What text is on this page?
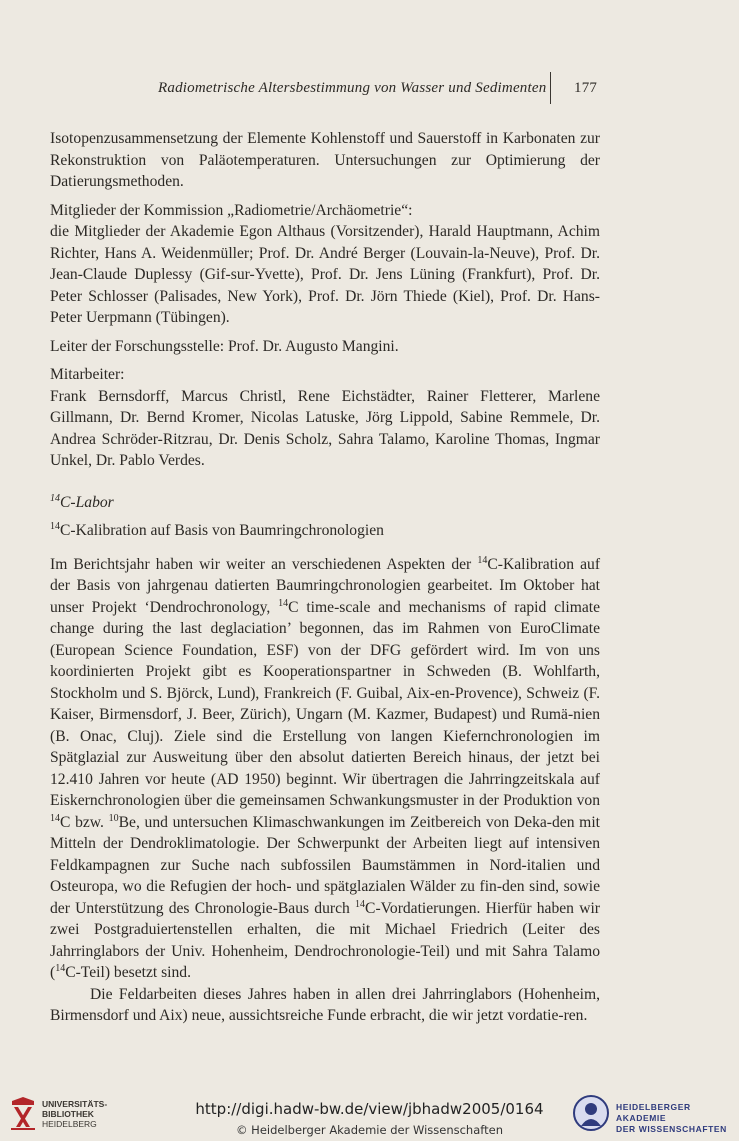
Radiometrische Altersbestimmung von Wasser und Sedimenten 177

Isotopenzusammensetzung der Elemente Kohlenstoff und Sauerstoff in Karbonaten zur Rekonstruktion von Paläotemperaturen. Untersuchungen zur Optimierung der Datierungsmethoden.

Mitglieder der Kommission „Radiometrie/Archäometrie“:

die Mitglieder der Akademie Egon Althaus (Vorsitzender), Harald Hauptmann, Achim Richter, Hans A. Weidenmüller; Prof. Dr. André Berger (Louvain-la-Neuve), Prof. Dr. Jean-Claude Duplessy (Gif-sur-Yvette), Prof. Dr. Jens Lüning (Frankfurt), Prof. Dr. Peter Schlosser (Palisades, New York), Prof. Dr. Jörn Thiede (Kiel), Prof. Dr. Hans-Peter Uerpmann (Tübingen).

Leiter der Forschungsstelle: Prof. Dr. Augusto Mangini.

Mitarbeiter:

Frank Bernsdorff, Marcus Christl, Rene Eichstädter, Rainer Fletterer, Marlene Gillmann, Dr. Bernd Kromer, Nicolas Latuske, Jörg Lippold, Sabine Remmele, Dr. Andrea Schröder-Ritzrau, Dr. Denis Scholz, Sahra Talamo, Karoline Thomas, Ingmar Unkel, Dr. Pablo Verdes.

$^{14}$C-Labor

$^{14}$C-Kalibration auf Basis von Baumringchronologien

Im Berichtsjahr haben wir weiter an verschiedenen Aspekten der $^{14}$C-Kalibration auf der Basis von jahrgenau datierten Baumringchronologien gearbeitet. Im Oktober hat unser Projekt ‘Dendrochronology, $^{14}$C time-scale and mechanisms of rapid climate change during the last deglaciation’ begonnen, das im Rahmen von EuroClimate (European Science Foundation, ESF) von der DFG gefördert wird. Im von uns koordinierten Projekt gibt es Kooperationspartner in Schweden (B. Wohlfarth, Stockholm und S. Björck, Lund), Frankreich (F. Guibal, Aix-en-Provence), Schweiz (F. Kaiser, Birmensdorf, J. Beer, Zürich), Ungarn (M. Kazmer, Budapest) und Rumä-nien (B. Onac, Cluj). Ziele sind die Erstellung von langen Kiefernchronologien im Spätglazial zur Ausweitung über den absolut datierten Bereich hinaus, der jetzt bei 12.410 Jahren vor heute (AD 1950) beginnt. Wir übertragen die Jahrringzeitskala auf Eiskernchronologien über die gemeinsamen Schwankungsmuster in der Produktion von $^{14}$C bzw. $^{10}$Be, und untersuchen Klimaschwankungen im Zeitbereich von Deka-den mit Mitteln der Dendroklimatologie. Der Schwerpunkt der Arbeiten liegt auf intensiven Feldkampagnen zur Suche nach subfossilen Baumstämmen in Nord-italien und Osteuropa, wo die Refugien der hoch- und spätglazialen Wälder zu fin-den sind, sowie der Unterstützung des Chronologie-Baus durch $^{14}$C-Vordatierungen. Hierfür haben wir zwei Postgraduiertenstellen erhalten, die mit Michael Friedrich (Leiter des Jahrringlabors der Univ. Hohenheim, Dendrochronologie-Teil) und mit Sahra Talamo ($^{14}$C-Teil) besetzt sind.

Die Feldarbeiten dieses Jahres haben in allen drei Jahrringlabors (Hohenheim, Birmensdorf und Aix) neue, aussichtsreiche Funde erbracht, die wir jetzt vordatie-ren.

UNIVERSITÄTS-
BIBLIOTHEK
HEIDELBERG
http://digi.hadw-bw.de/view/jbhadw2005/0164
© Heidelberger Akademie der Wissenschaften
HEIDELBERGER AKADEMIE
DER WISSENSCHAFTEN
